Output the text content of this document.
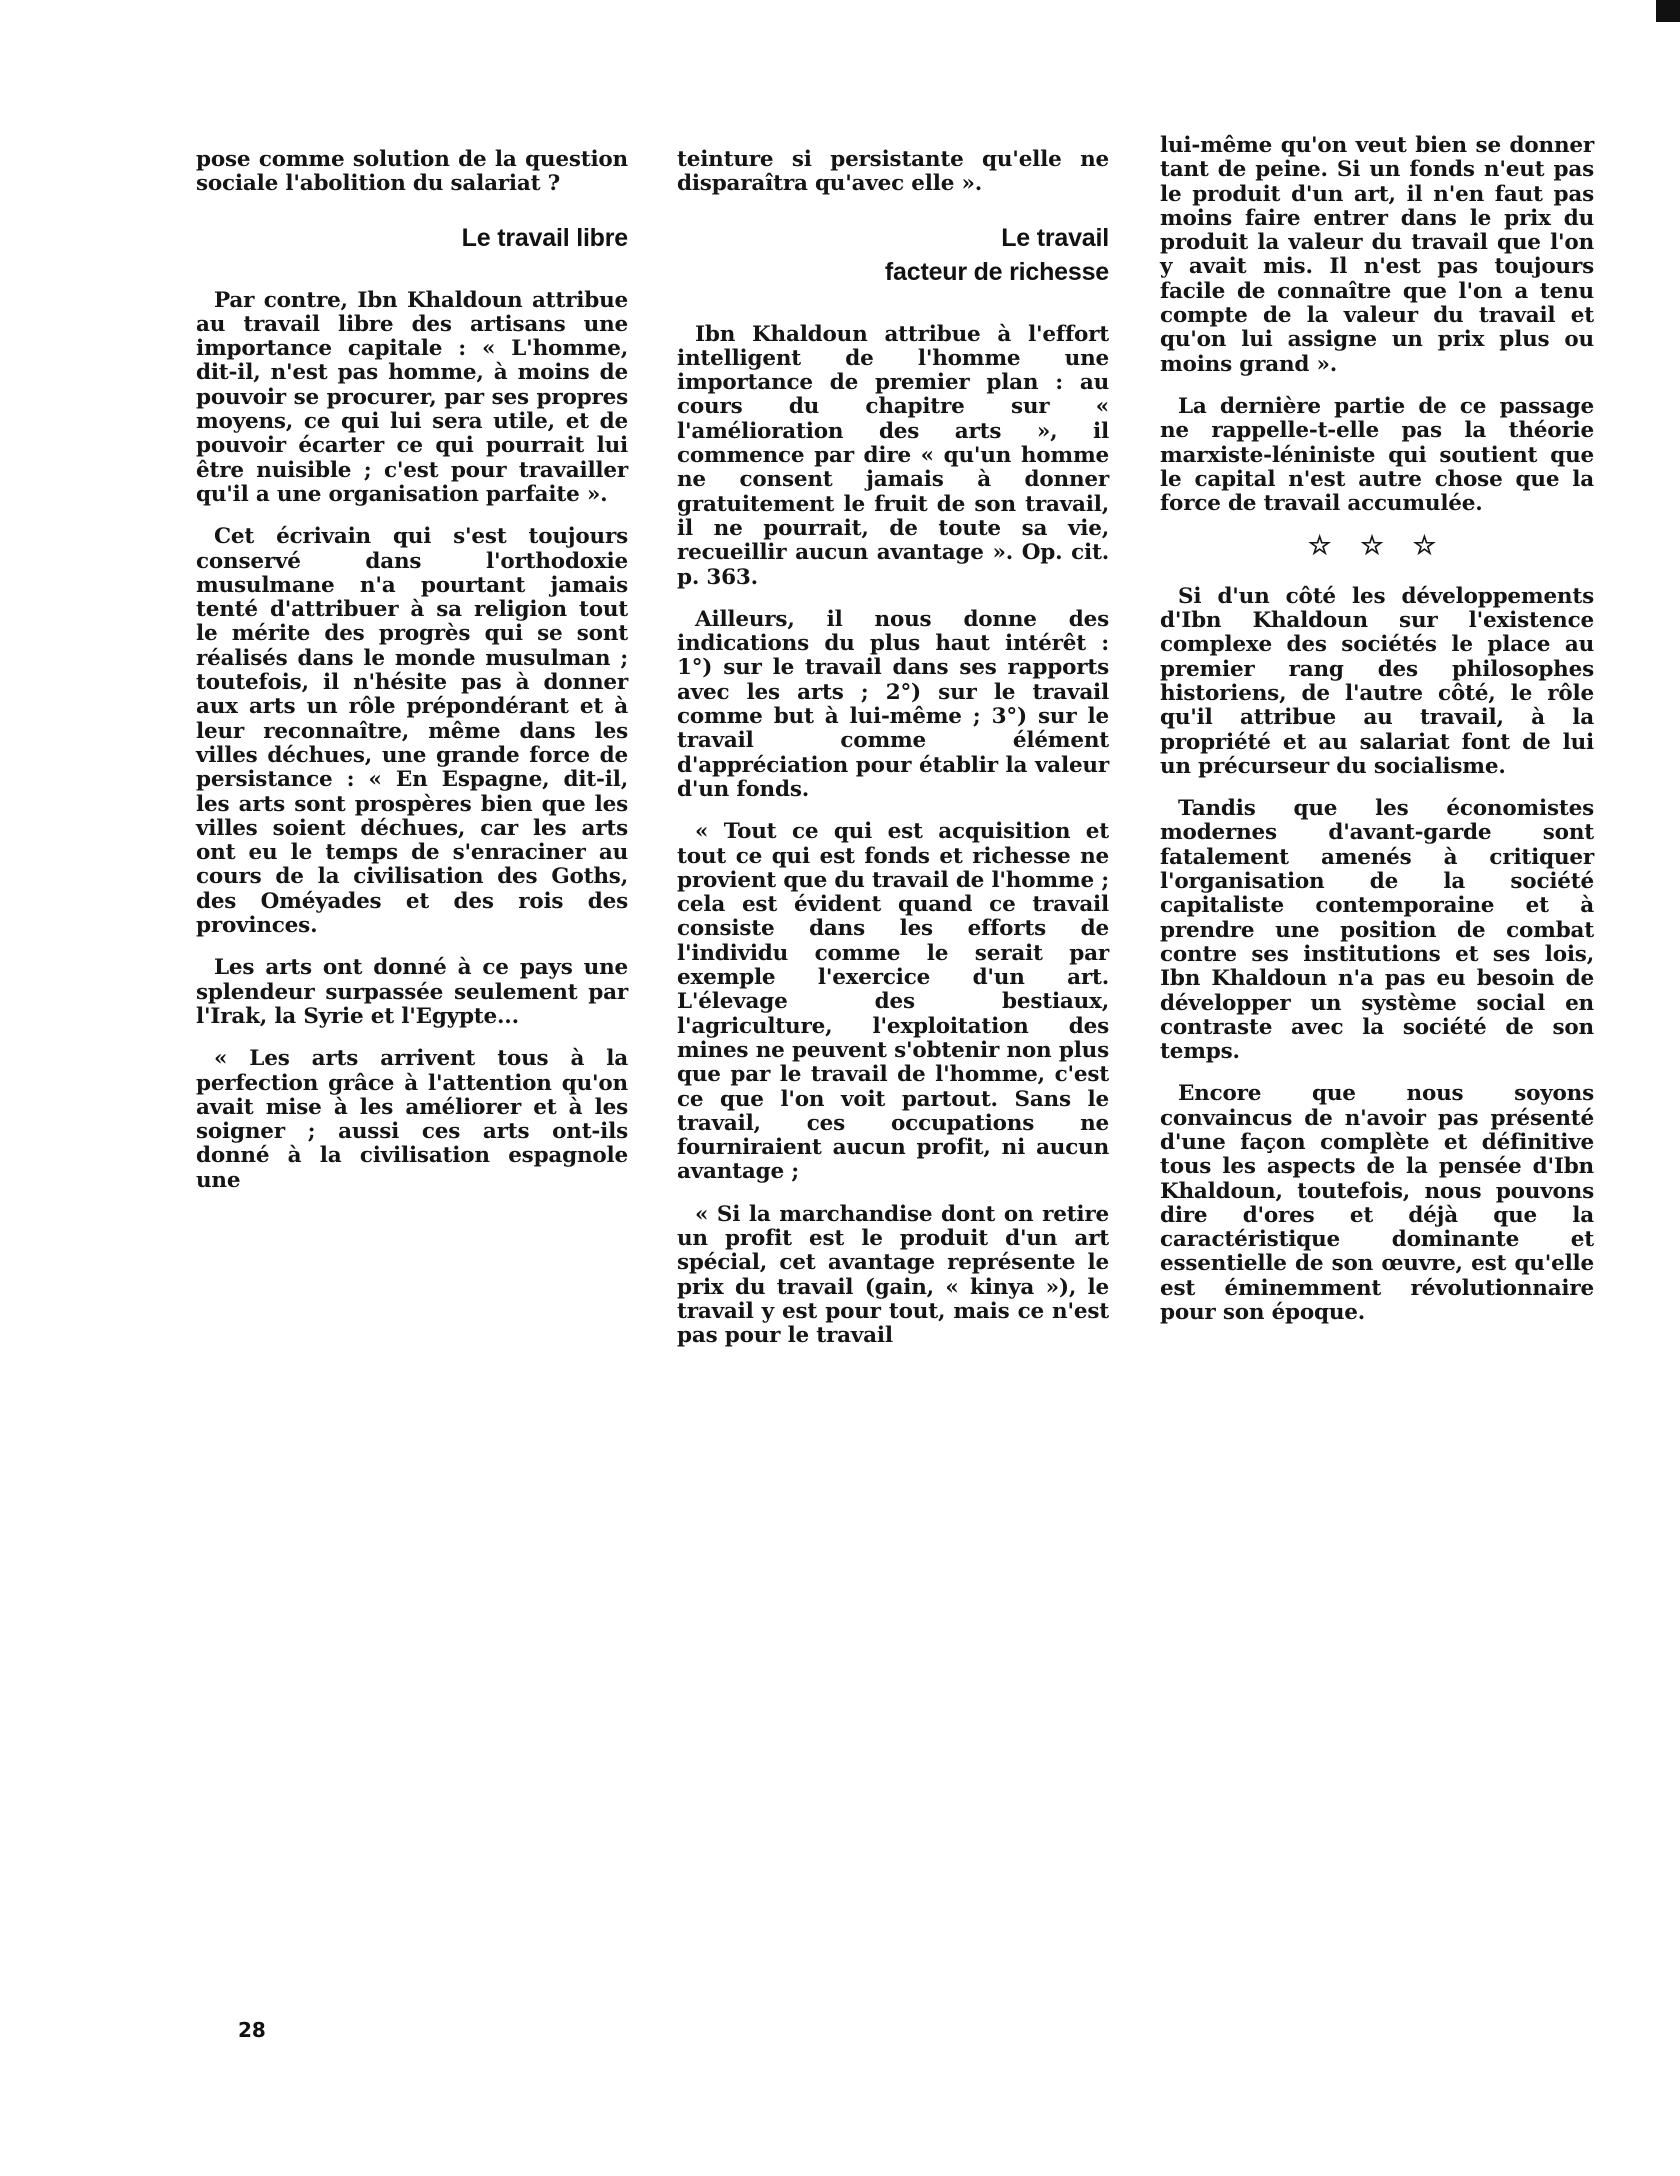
pose comme solution de la question sociale l'abolition du salariat ?

Le travail libre

Par contre, Ibn Khaldoun attribue au travail libre des artisans une importance capitale : « L'homme, dit-il, n'est pas homme, à moins de pouvoir se procurer, par ses propres moyens, ce qui lui sera utile, et de pouvoir écarter ce qui pourrait lui être nuisible ; c'est pour travailler qu'il a une organisation parfaite ».

Cet écrivain qui s'est toujours conservé dans l'orthodoxie musulmane n'a pourtant jamais tenté d'attribuer à sa religion tout le mérite des progrès qui se sont réalisés dans le monde musulman ; toutefois, il n'hésite pas à donner aux arts un rôle prépondérant et à leur reconnaître, même dans les villes déchues, une grande force de persistance : « En Espagne, dit-il, les arts sont prospères bien que les villes soient déchues, car les arts ont eu le temps de s'enraciner au cours de la civilisation des Goths, des Oméyades et des rois des provinces.

Les arts ont donné à ce pays une splendeur surpassée seulement par l'Irak, la Syrie et l'Egypte...

« Les arts arrivent tous à la perfection grâce à l'attention qu'on avait mise à les améliorer et à les soigner ; aussi ces arts ont-ils donné à la civilisation espagnole une

teinture si persistante qu'elle ne disparaîtra qu'avec elle ».

Le travail
facteur de richesse

Ibn Khaldoun attribue à l'effort intelligent de l'homme une importance de premier plan : au cours du chapitre sur « l'amélioration des arts », il commence par dire « qu'un homme ne consent jamais à donner gratuitement le fruit de son travail, il ne pourrait, de toute sa vie, recueillir aucun avantage ». Op. cit. p. 363.

Ailleurs, il nous donne des indications du plus haut intérêt : 1°) sur le travail dans ses rapports avec les arts ; 2°) sur le travail comme but à lui-même ; 3°) sur le travail comme élément d'appréciation pour établir la valeur d'un fonds.

« Tout ce qui est acquisition et tout ce qui est fonds et richesse ne provient que du travail de l'homme ; cela est évident quand ce travail consiste dans les efforts de l'individu comme le serait par exemple l'exercice d'un art. L'élevage des bestiaux, l'agriculture, l'exploitation des mines ne peuvent s'obtenir non plus que par le travail de l'homme, c'est ce que l'on voit partout. Sans le travail, ces occupations ne fourniraient aucun profit, ni aucun avantage ;

« Si la marchandise dont on retire un profit est le produit d'un art spécial, cet avantage représente le prix du travail (gain, « kinya »), le travail y est pour tout, mais ce n'est pas pour le travail

lui-même qu'on veut bien se donner tant de peine. Si un fonds n'eut pas le produit d'un art, il n'en faut pas moins faire entrer dans le prix du produit la valeur du travail que l'on y avait mis. Il n'est pas toujours facile de connaître que l'on a tenu compte de la valeur du travail et qu'on lui assigne un prix plus ou moins grand ».

La dernière partie de ce passage ne rappelle-t-elle pas la théorie marxiste-léniniste qui soutient que le capital n'est autre chose que la force de travail accumulée.

☆ ☆ ☆

Si d'un côté les développements d'Ibn Khaldoun sur l'existence complexe des sociétés le place au premier rang des philosophes historiens, de l'autre côté, le rôle qu'il attribue au travail, à la propriété et au salariat font de lui un précurseur du socialisme.

Tandis que les économistes modernes d'avant-garde sont fatalement amenés à critiquer l'organisation de la société capitaliste contemporaine et à prendre une position de combat contre ses institutions et ses lois, Ibn Khaldoun n'a pas eu besoin de développer un système social en contraste avec la société de son temps.

Encore que nous soyons convaincus de n'avoir pas présenté d'une façon complète et définitive tous les aspects de la pensée d'Ibn Khaldoun, toutefois, nous pouvons dire d'ores et déjà que la caractéristique dominante et essentielle de son œuvre, est qu'elle est éminemment révolutionnaire pour son époque.

28
